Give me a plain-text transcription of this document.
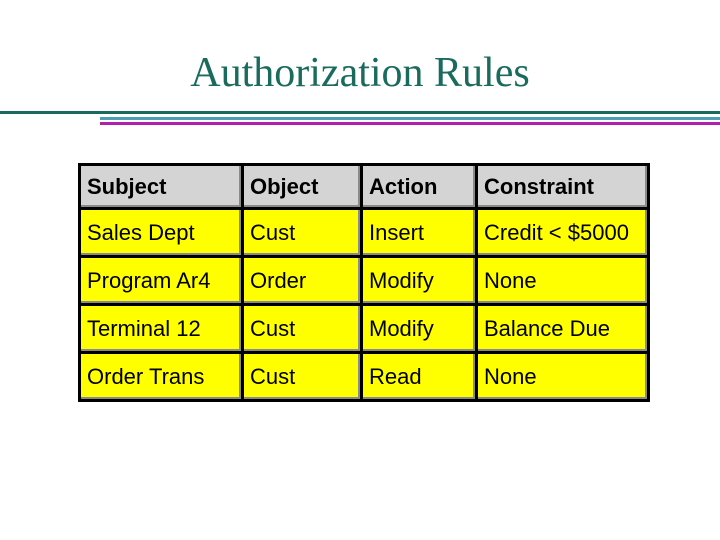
Authorization Rules
Subject	Object	Action	Constraint
Sales Dept	Cust	Insert	Credit < $5000
Program Ar4	Order	Modify	None
Terminal 12	Cust	Modify	Balance Due
Order Trans	Cust	Read	None
